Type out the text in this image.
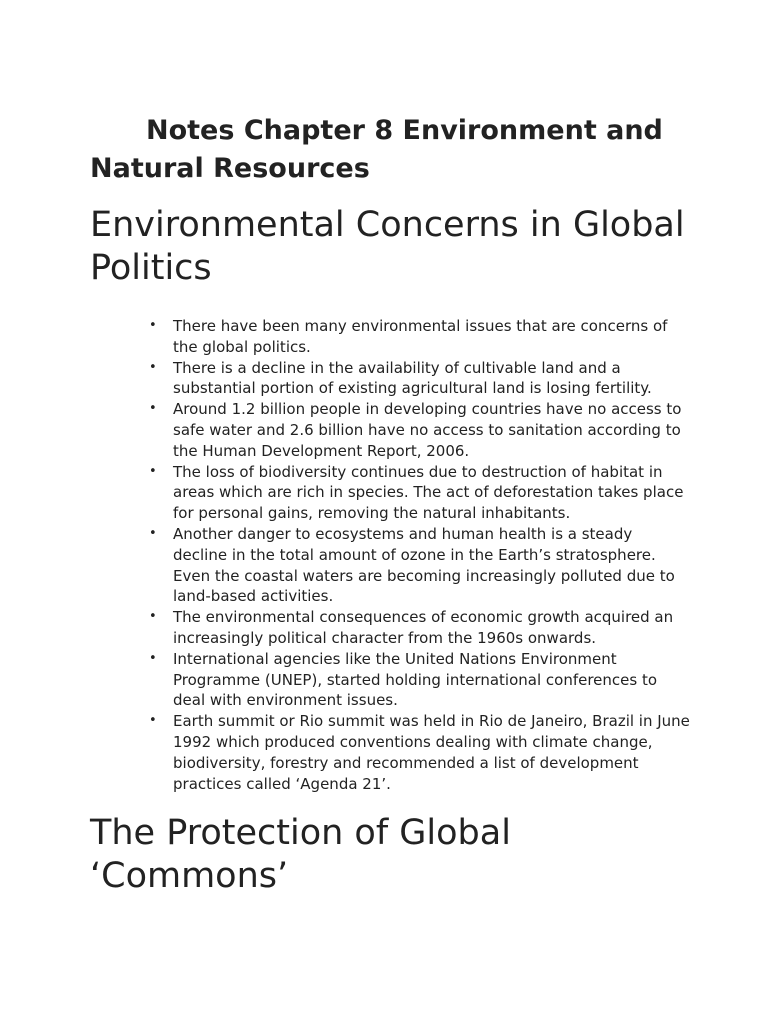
Notes Chapter 8 Environment and Natural Resources
Environmental Concerns in Global Politics
• There have been many environmental issues that are concerns of the global politics.
• There is a decline in the availability of cultivable land and a substantial portion of existing agricultural land is losing fertility.
• Around 1.2 billion people in developing countries have no access to safe water and 2.6 billion have no access to sanitation according to the Human Development Report, 2006.
• The loss of biodiversity continues due to destruction of habitat in areas which are rich in species. The act of deforestation takes place for personal gains, removing the natural inhabitants.
• Another danger to ecosystems and human health is a steady decline in the total amount of ozone in the Earth’s stratosphere. Even the coastal waters are becoming increasingly polluted due to land-based activities.
• The environmental consequences of economic growth acquired an increasingly political character from the 1960s onwards.
• International agencies like the United Nations Environment Programme (UNEP), started holding international conferences to deal with environment issues.
• Earth summit or Rio summit was held in Rio de Janeiro, Brazil in June 1992 which produced conventions dealing with climate change, biodiversity, forestry and recommended a list of development practices called ‘Agenda 21’.
The Protection of Global ‘Commons’
